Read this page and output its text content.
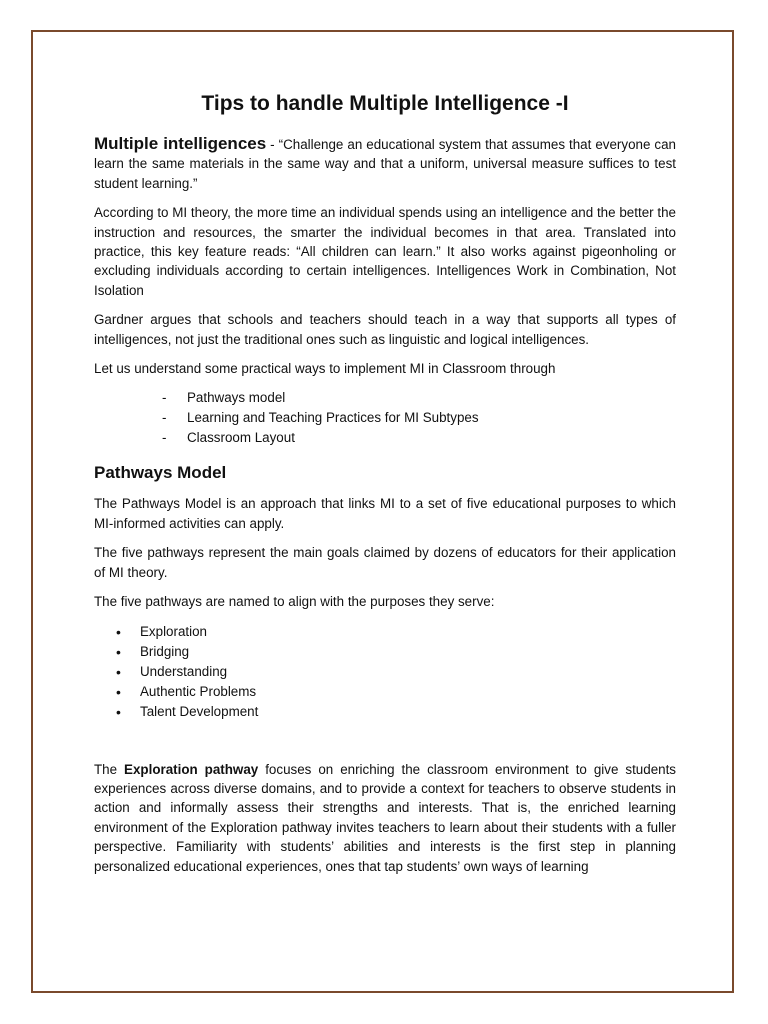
Tips to handle Multiple Intelligence -I

Multiple intelligences - “Challenge an educational system that assumes that everyone can learn the same materials in the same way and that a uniform, universal measure suffices to test student learning.”

According to MI theory, the more time an individual spends using an intelligence and the better the instruction and resources, the smarter the individual becomes in that area. Translated into practice, this key feature reads: “All children can learn.” It also works against pigeonholing or excluding individuals according to certain intelligences. Intelligences Work in Combination, Not Isolation

Gardner argues that schools and teachers should teach in a way that supports all types of intelligences, not just the traditional ones such as linguistic and logical intelligences.

Let us understand some practical ways to implement MI in Classroom through

- Pathways model
- Learning and Teaching Practices for MI Subtypes
- Classroom Layout
Pathways Model

The Pathways Model is an approach that links MI to a set of five educational purposes to which MI-informed activities can apply.

The five pathways represent the main goals claimed by dozens of educators for their application of MI theory.

The five pathways are named to align with the purposes they serve:

• Exploration
• Bridging
• Understanding
• Authentic Problems
• Talent Development

The Exploration pathway focuses on enriching the classroom environment to give students experiences across diverse domains, and to provide a context for teachers to observe students in action and informally assess their strengths and interests. That is, the enriched learning environment of the Exploration pathway invites teachers to learn about their students with a fuller perspective. Familiarity with students’ abilities and interests is the first step in planning personalized educational experiences, ones that tap students’ own ways of learning
